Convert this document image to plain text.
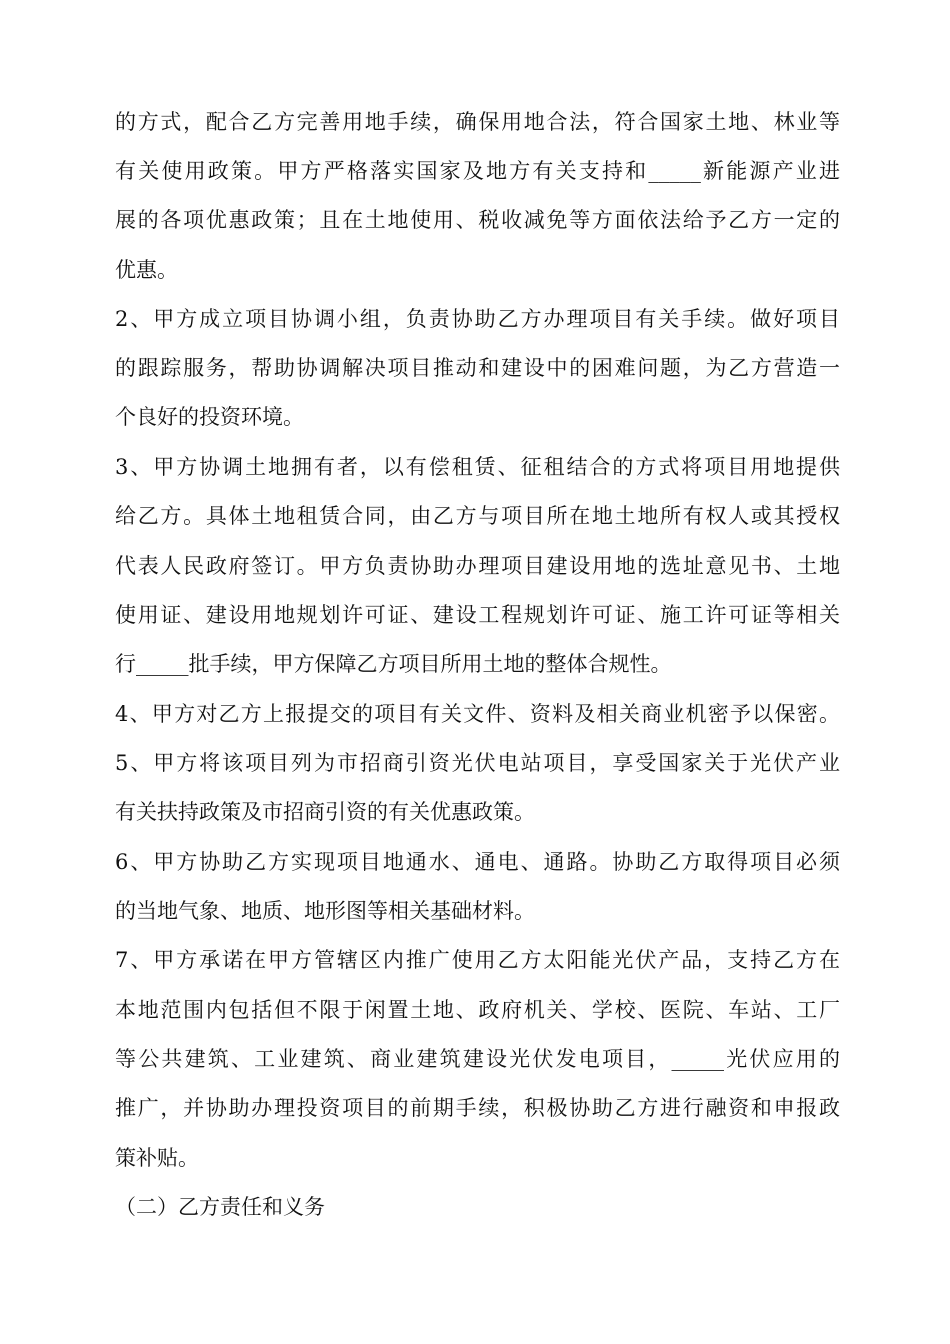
的方式，配合乙方完善用地手续，确保用地合法，符合国家土地、林业等
有关使用政策。甲方严格落实国家及地方有关支持和_____新能源产业进
展的各项优惠政策；且在土地使用、税收减免等方面依法给予乙方一定的
优惠。
2、甲方成立项目协调小组，负责协助乙方办理项目有关手续。做好项目
的跟踪服务，帮助协调解决项目推动和建设中的困难问题，为乙方营造一
个良好的投资环境。
3、甲方协调土地拥有者，以有偿租赁、征租结合的方式将项目用地提供
给乙方。具体土地租赁合同，由乙方与项目所在地土地所有权人或其授权
代表人民政府签订。甲方负责协助办理项目建设用地的选址意见书、土地
使用证、建设用地规划许可证、建设工程规划许可证、施工许可证等相关
行_____批手续，甲方保障乙方项目所用土地的整体合规性。
4、甲方对乙方上报提交的项目有关文件、资料及相关商业机密予以保密。
5、甲方将该项目列为市招商引资光伏电站项目，享受国家关于光伏产业
有关扶持政策及市招商引资的有关优惠政策。
6、甲方协助乙方实现项目地通水、通电、通路。协助乙方取得项目必须
的当地气象、地质、地形图等相关基础材料。
7、甲方承诺在甲方管辖区内推广使用乙方太阳能光伏产品，支持乙方在
本地范围内包括但不限于闲置土地、政府机关、学校、医院、车站、工厂
等公共建筑、工业建筑、商业建筑建设光伏发电项目，_____光伏应用的
推广，并协助办理投资项目的前期手续，积极协助乙方进行融资和申报政
策补贴。
（二）乙方责任和义务
